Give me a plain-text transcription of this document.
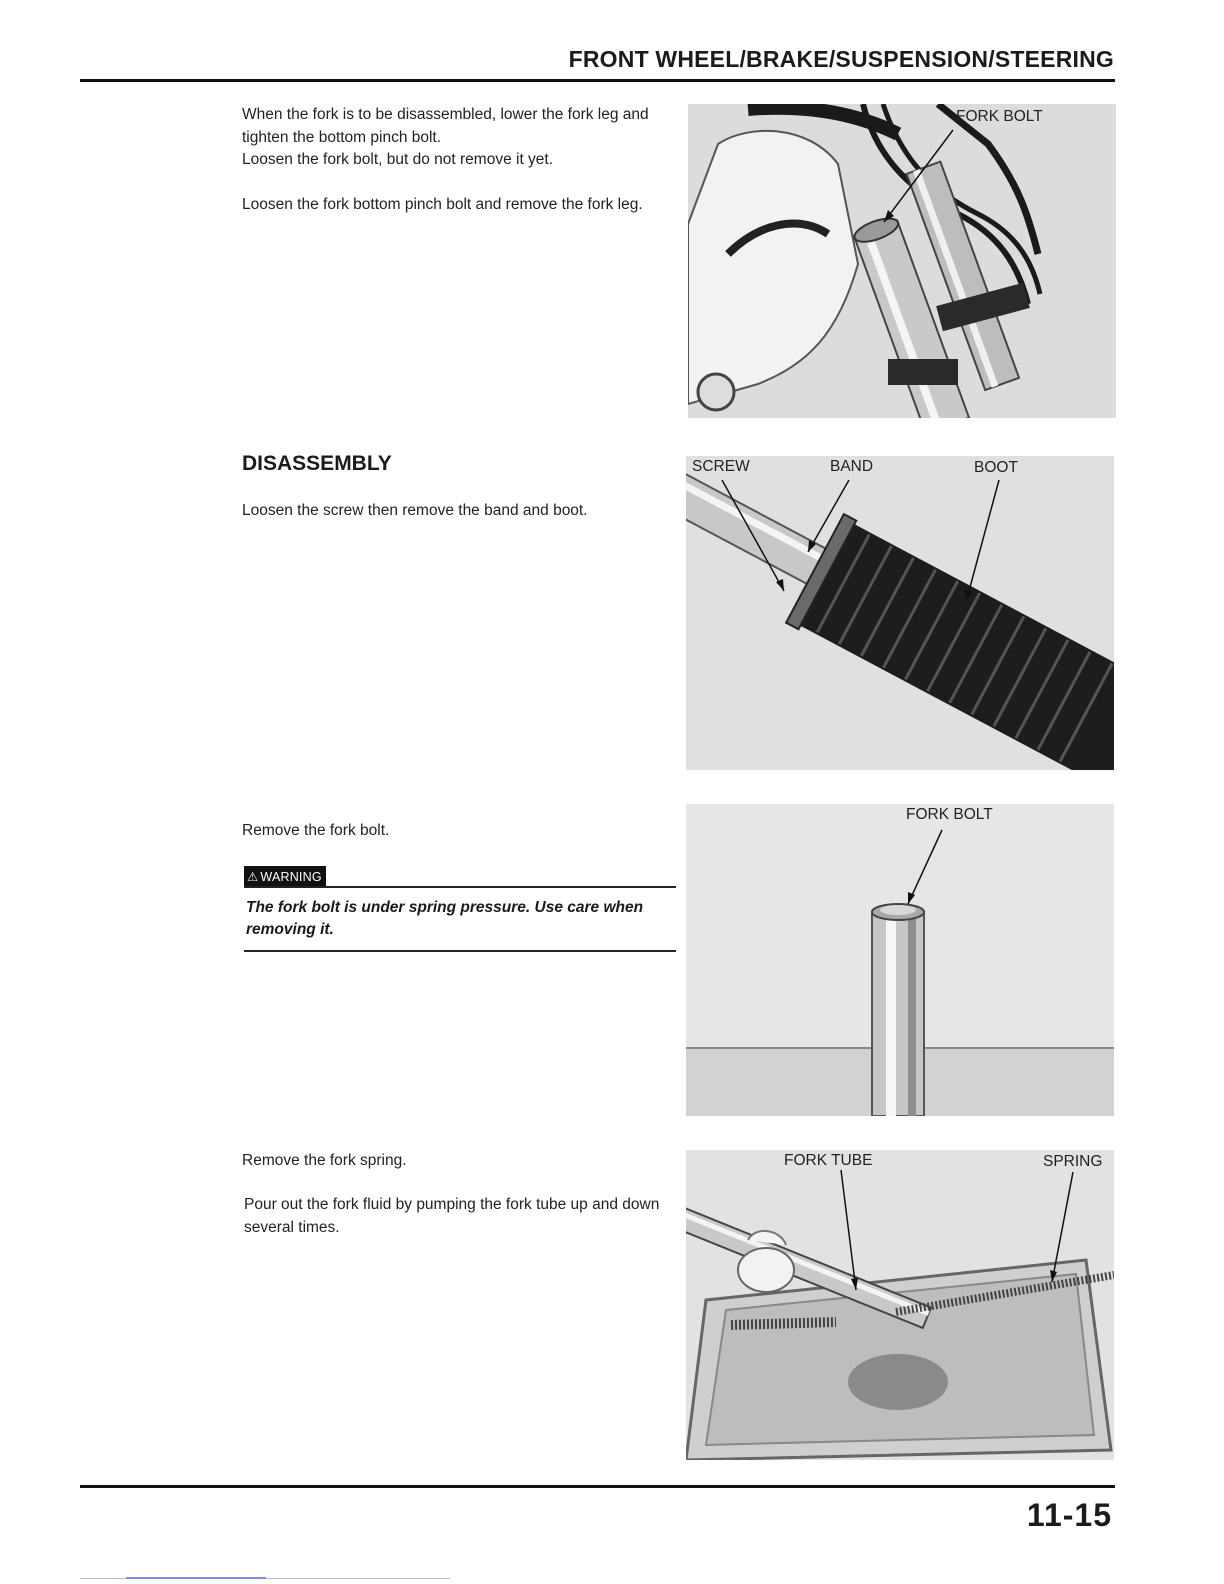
FRONT WHEEL/BRAKE/SUSPENSION/STEERING

When the fork is to be disassembled, lower the fork leg and tighten the bottom pinch bolt.

Loosen the fork bolt, but do not remove it yet.

Loosen the fork bottom pinch bolt and remove the fork leg.

FORK BOLT
DISASSEMBLY

Loosen the screw then remove the band and boot.

SCREW	BAND	BOOT

Remove the fork bolt.

⚠ WARNING
The fork bolt is under spring pressure. Use care when removing it.
FORK BOLT

Remove the fork spring.

Pour out the fork fluid by pumping the fork tube up and down several times.

FORK TUBE	SPRING
11-15
